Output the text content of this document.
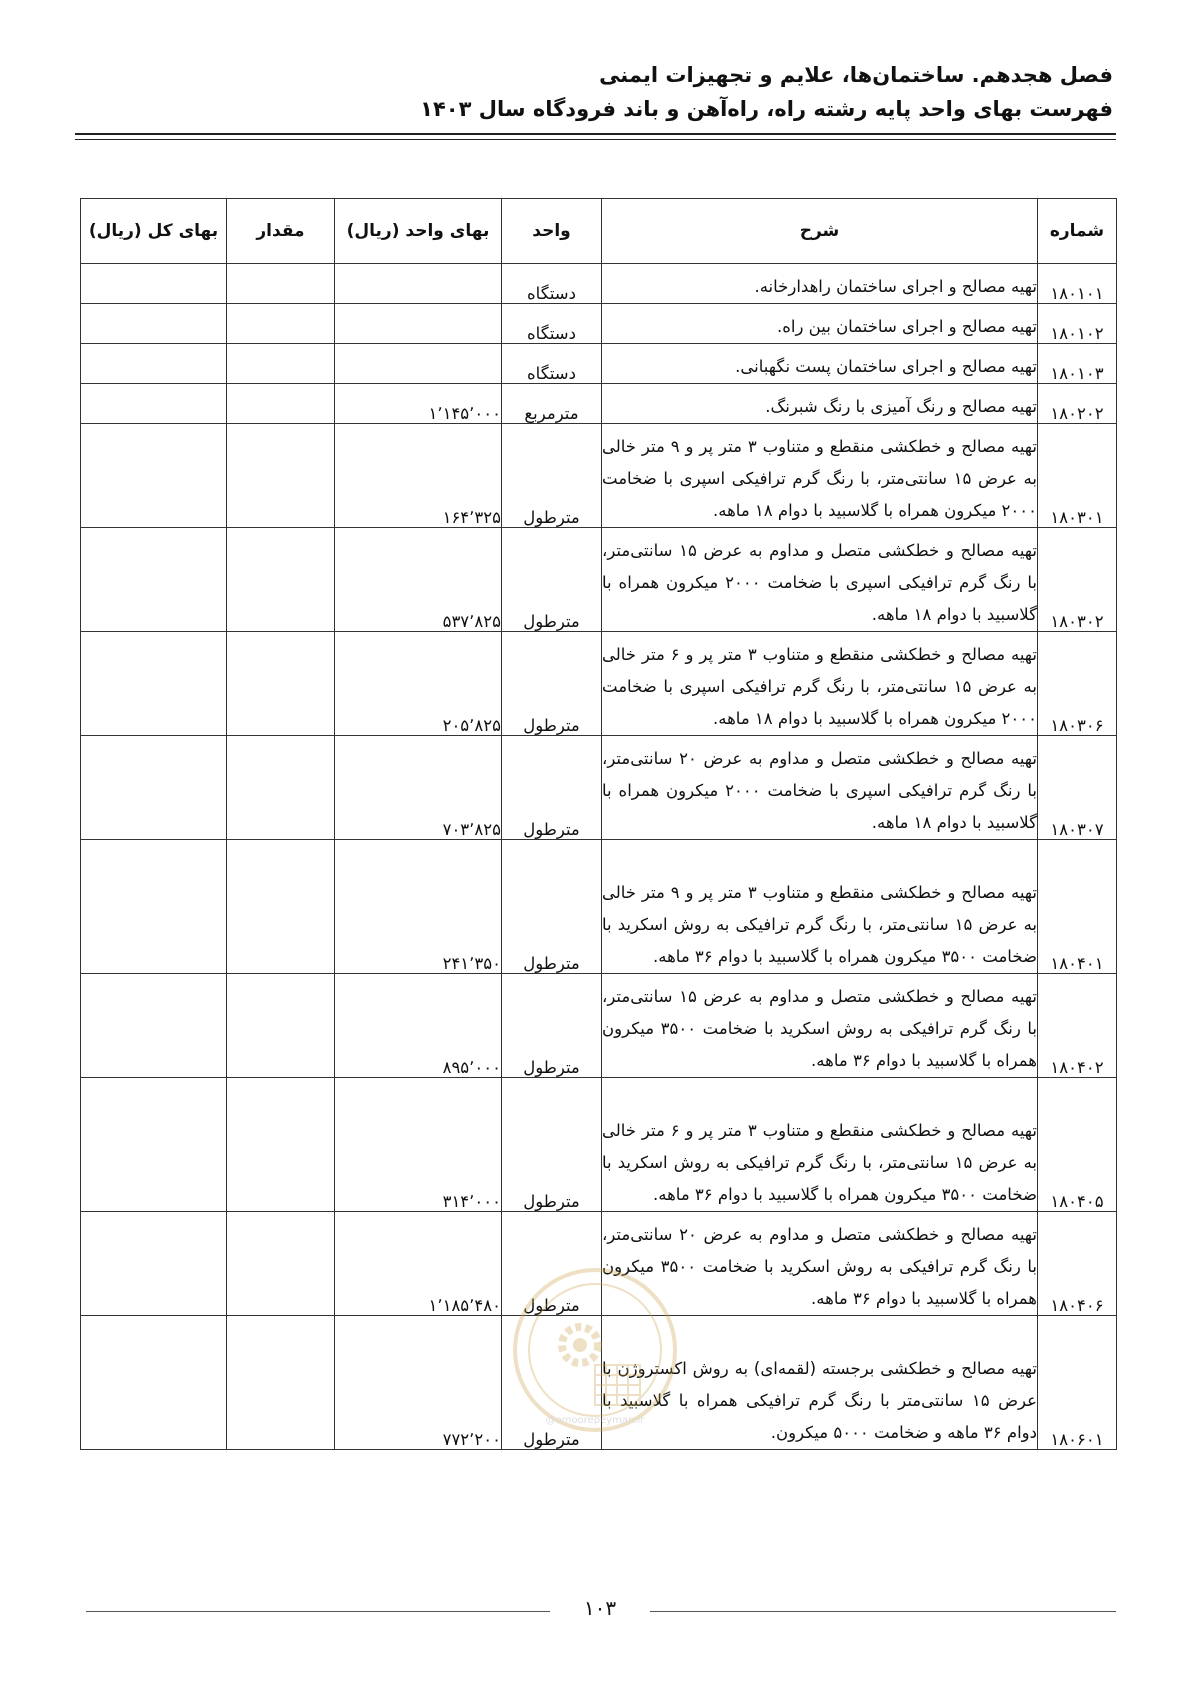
فصل هجدهم. ساختمان‌ها، علایم و تجهیزات ایمنی
فهرست بهای واحد پایه رشته راه، راه‌آهن و باند فرودگاه سال ۱۴۰۳
شماره	شرح	واحد	بهای واحد (ریال)	مقدار	بهای کل (ریال)
۱۸۰۱۰۱	تهیه مصالح و اجرای ساختمان راهدارخانه.	دستگاه			
۱۸۰۱۰۲	تهیه مصالح و اجرای ساختمان بین راه.	دستگاه			
۱۸۰۱۰۳	تهیه مصالح و اجرای ساختمان پست نگهبانی.	دستگاه			
۱۸۰۲۰۲	تهیه مصالح و رنگ آمیزی با رنگ شبرنگ.	مترمربع	۱٬۱۴۵٬۰۰۰		
۱۸۰۳۰۱	تهیه مصالح و خطکشی منقطع و متناوب ۳ متر پر و ۹ متر خالی به عرض ۱۵ سانتی‌متر، با رنگ گرم ترافیکی اسپری با ضخامت ۲۰۰۰ میکرون همراه با گلاسبید با دوام ۱۸ ماهه.	مترطول	۱۶۴٬۳۲۵		
۱۸۰۳۰۲	تهیه مصالح و خطکشی متصل و مداوم به عرض ۱۵ سانتی‌متر، با رنگ گرم ترافیکی اسپری با ضخامت ۲۰۰۰ میکرون همراه با گلاسبید با دوام ۱۸ ماهه.	مترطول	۵۳۷٬۸۲۵		
۱۸۰۳۰۶	تهیه مصالح و خطکشی منقطع و متناوب ۳ متر پر و ۶ متر خالی به عرض ۱۵ سانتی‌متر، با رنگ گرم ترافیکی اسپری با ضخامت ۲۰۰۰ میکرون همراه با گلاسبید با دوام ۱۸ ماهه.	مترطول	۲۰۵٬۸۲۵		
۱۸۰۳۰۷	تهیه مصالح و خطکشی متصل و مداوم به عرض ۲۰ سانتی‌متر، با رنگ گرم ترافیکی اسپری با ضخامت ۲۰۰۰ میکرون همراه با گلاسبید با دوام ۱۸ ماهه.	مترطول	۷۰۳٬۸۲۵		
۱۸۰۴۰۱	تهیه مصالح و خطکشی منقطع و متناوب ۳ متر پر و ۹ متر خالی به عرض ۱۵ سانتی‌متر، با رنگ گرم ترافیکی به روش اسکرید با ضخامت ۳۵۰۰ میکرون همراه با گلاسبید با دوام ۳۶ ماهه.	مترطول	۲۴۱٬۳۵۰		
۱۸۰۴۰۲	تهیه مصالح و خطکشی متصل و مداوم به عرض ۱۵ سانتی‌متر، با رنگ گرم ترافیکی به روش اسکرید با ضخامت ۳۵۰۰ میکرون همراه با گلاسبید با دوام ۳۶ ماهه.	مترطول	۸۹۵٬۰۰۰		
۱۸۰۴۰۵	تهیه مصالح و خطکشی منقطع و متناوب ۳ متر پر و ۶ متر خالی به عرض ۱۵ سانتی‌متر، با رنگ گرم ترافیکی به روش اسکرید با ضخامت ۳۵۰۰ میکرون همراه با گلاسبید با دوام ۳۶ ماهه.	مترطول	۳۱۴٬۰۰۰		
۱۸۰۴۰۶	تهیه مصالح و خطکشی متصل و مداوم به عرض ۲۰ سانتی‌متر، با رنگ گرم ترافیکی به روش اسکرید با ضخامت ۳۵۰۰ میکرون همراه با گلاسبید با دوام ۳۶ ماهه.	مترطول	۱٬۱۸۵٬۴۸۰		
۱۸۰۶۰۱	تهیه مصالح و خطکشی برجسته (لقمه‌ای) به روش اکستروژن با عرض ۱۵ سانتی‌متر با رنگ گرم ترافیکی همراه با گلاسبید با دوام ۳۶ ماهه و ضخامت ۵۰۰۰ میکرون.	مترطول	۷۷۲٬۲۰۰		
@omoorepeyman.ir
۱۰۳
